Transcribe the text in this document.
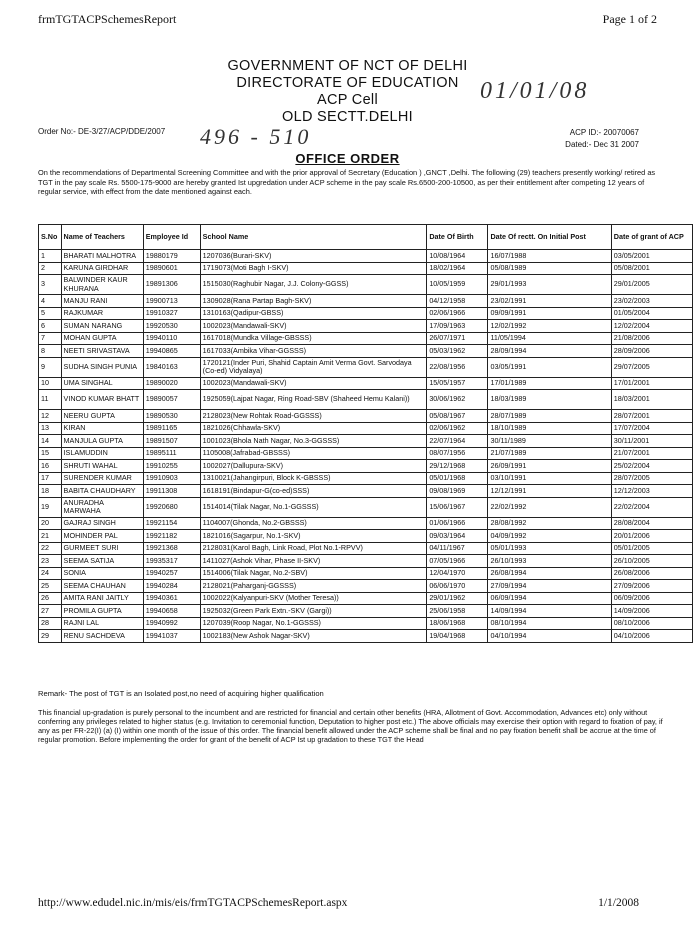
frmTGTACPSchemesReport	Page 1 of 2
GOVERNMENT OF NCT OF DELHI
DIRECTORATE OF EDUCATION
ACP Cell
OLD SECTT.DELHI
01/01/08
496 - 510
Order No:- DE-3/27/ACP/DDE/2007	ACP ID:- 20070067
Dated:- Dec 31 2007
OFFICE ORDER
On the recommendations of Departmental Screening Committee and with the prior approval of Secretary (Education ) ,GNCT ,Delhi. The following (29) teachers presently working/ retired as TGT in the pay scale Rs. 5500-175-9000 are hereby granted Ist upgredation under ACP scheme in the pay scale Rs.6500-200-10500, as per their entitlement after competing 12 years of regular service, with effect from the date mentioned against each.
S.No	Name of Teachers	Employee Id	School Name	Date Of Birth	Date Of rectt. On Initial Post	Date of grant of ACP
1	BHARATI MALHOTRA	19880179	1207036(Burari-SKV)	10/08/1964	16/07/1988	03/05/2001
2	KARUNA GIRDHAR	19890601	1719073(Moti Bagh I-SKV)	18/02/1964	05/08/1989	05/08/2001
3	BALWINDER KAUR KHURANA	19891306	1515030(Raghubir Nagar, J.J. Colony-GGSS)	10/05/1959	29/01/1993	29/01/2005
4	MANJU RANI	19900713	1309028(Rana Partap Bagh-SKV)	04/12/1958	23/02/1991	23/02/2003
5	RAJKUMAR	19910327	1310163(Qadipur-GBSS)	02/06/1966	09/09/1991	01/05/2004
6	SUMAN NARANG	19920530	1002023(Mandawali-SKV)	17/09/1963	12/02/1992	12/02/2004
7	MOHAN GUPTA	19940110	1617018(Mundka Village-GBSSS)	26/07/1971	11/05/1994	21/08/2006
8	NEETI SRIVASTAVA	19940865	1617033(Ambika Vihar-GGSSS)	05/03/1962	28/09/1994	28/09/2006
9	SUDHA SINGH PUNIA	19840163	1720121(Inder Puri, Shahid Captain Amit Verma Govt. Sarvodaya (Co-ed) Vidyalaya)	22/08/1956	03/05/1991	29/07/2005
10	UMA SINGHAL	19890020	1002023(Mandawali-SKV)	15/05/1957	17/01/1989	17/01/2001
11	VINOD KUMAR BHATT	19890057	1925059(Lajpat Nagar, Ring Road-SBV (Shaheed Hemu Kalani))	30/06/1962	18/03/1989	18/03/2001
12	NEERU GUPTA	19890530	2128023(New Rohtak Road-GGSSS)	05/08/1967	28/07/1989	28/07/2001
13	KIRAN	19891165	1821026(Chhawla-SKV)	02/06/1962	18/10/1989	17/07/2004
14	MANJULA GUPTA	19891507	1001023(Bhola Nath Nagar, No.3-GGSSS)	22/07/1964	30/11/1989	30/11/2001
15	ISLAMUDDIN	19895111	1105008(Jafrabad-GBSSS)	08/07/1956	21/07/1989	21/07/2001
16	SHRUTI WAHAL	19910255	1002027(Dallupura-SKV)	29/12/1968	26/09/1991	25/02/2004
17	SURENDER KUMAR	19910903	1310021(Jahangirpuri, Block K-GBSSS)	05/01/1968	03/10/1991	28/07/2005
18	BABITA CHAUDHARY	19911308	1618191(Bindapur-G(co-ed)SSS)	09/08/1969	12/12/1991	12/12/2003
19	ANURADHA MARWAHA	19920680	1514014(Tilak Nagar, No.1-GGSSS)	15/06/1967	22/02/1992	22/02/2004
20	GAJRAJ SINGH	19921154	1104007(Ghonda, No.2-GBSSS)	01/06/1966	28/08/1992	28/08/2004
21	MOHINDER PAL	19921182	1821016(Sagarpur, No.1-SKV)	09/03/1964	04/09/1992	20/01/2006
22	GURMEET SURI	19921368	2128031(Karol Bagh, Link Road, Plot No.1-RPVV)	04/11/1967	05/01/1993	05/01/2005
23	SEEMA SATIJA	19935317	1411027(Ashok Vihar, Phase II-SKV)	07/05/1966	26/10/1993	26/10/2005
24	SONIA	19940257	1514006(Tilak Nagar, No.2-SBV)	12/04/1970	26/08/1994	26/08/2006
25	SEEMA CHAUHAN	19940284	2128021(Paharganj-GGSSS)	06/06/1970	27/09/1994	27/09/2006
26	AMITA RANI JAITLY	19940361	1002022(Kalyanpuri-SKV (Mother Teresa))	29/01/1962	06/09/1994	06/09/2006
27	PROMILA GUPTA	19940658	1925032(Green Park Extn.-SKV (Gargi))	25/06/1958	14/09/1994	14/09/2006
28	RAJNI LAL	19940992	1207039(Roop Nagar, No.1-GGSSS)	18/06/1968	08/10/1994	08/10/2006
29	RENU SACHDEVA	19941037	1002183(New Ashok Nagar-SKV)	19/04/1968	04/10/1994	04/10/2006
Remark- The post of TGT is an Isolated post,no need of acquiring higher qualification
This financial up-gradation is purely personal to the incumbent and are restricted for financial and certain other benefits (HRA, Allotment of Govt. Accommodation, Advances etc) only without conferring any privileges related to higher status (e.g. Invitation to ceremonial function, Deputation to higher post etc.) The above officials may exercise their option with regard to fixation of pay, if any as per FR-22(I) (a) (I) within one month of the issue of this order. The financial benefit allowed under the ACP scheme shall be final and no pay fixation benefit shall be accrue at the time of regular promotion. Before implementing the order for grant of the benefit of ACP Ist up gradation to these TGT the Head
http://www.edudel.nic.in/mis/eis/frmTGTACPSchemesReport.aspx	1/1/2008
